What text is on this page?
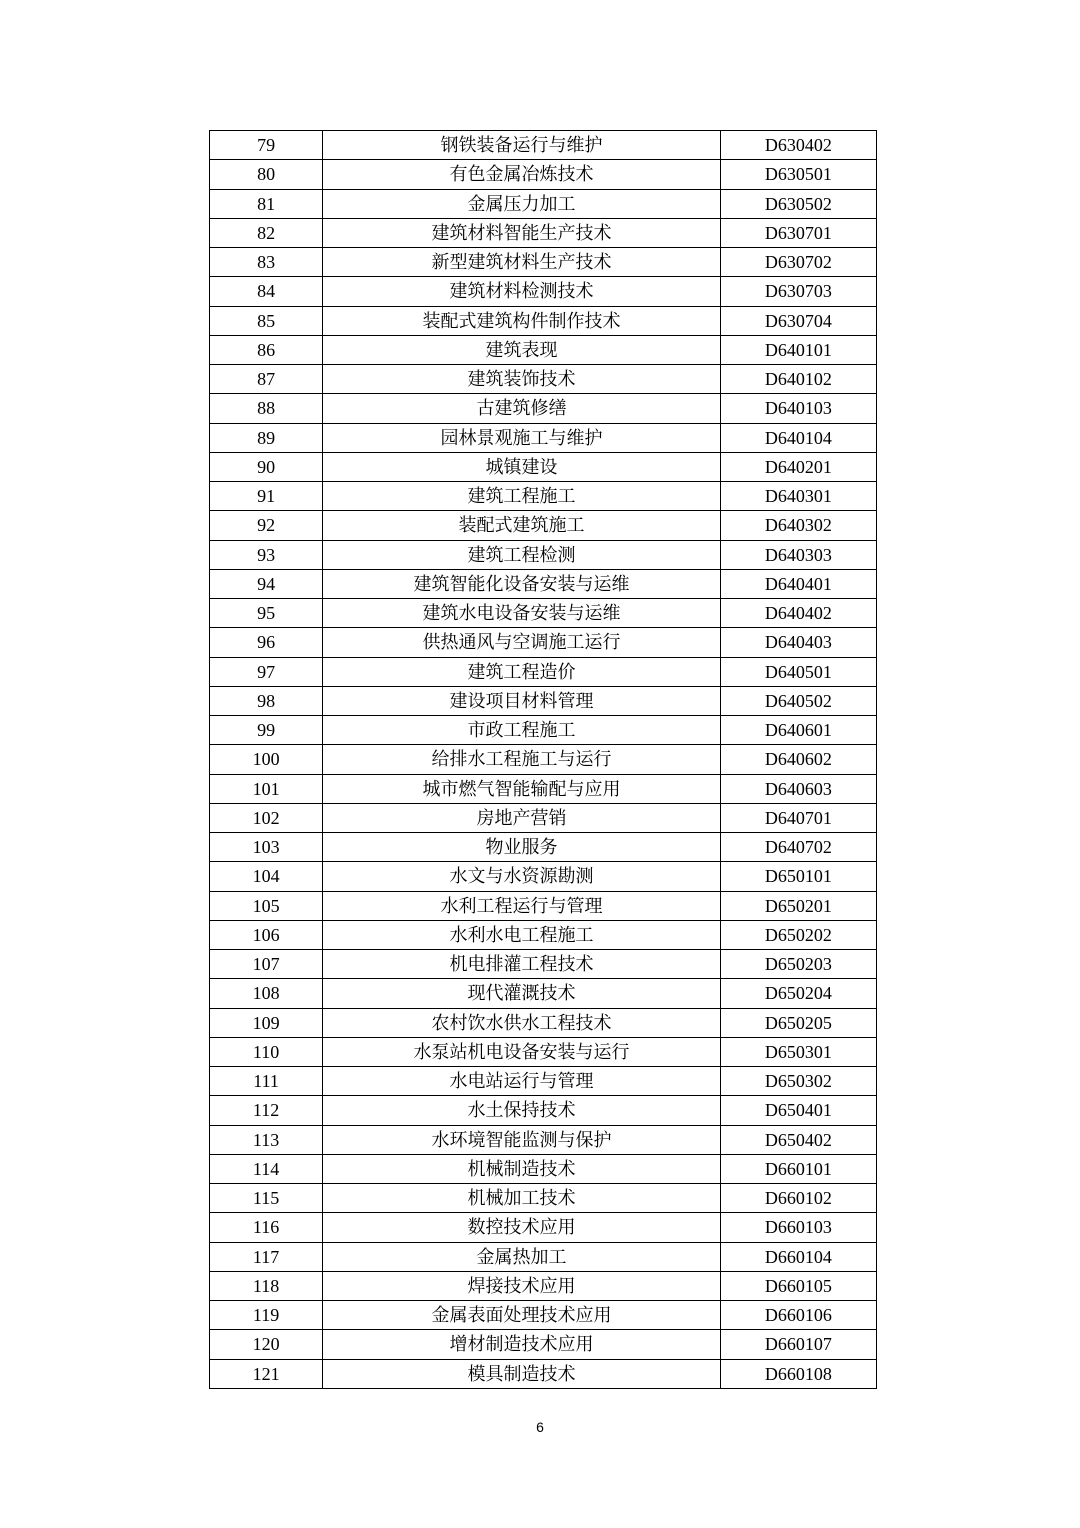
79	钢铁装备运行与维护	D630402
80	有色金属冶炼技术	D630501
81	金属压力加工	D630502
82	建筑材料智能生产技术	D630701
83	新型建筑材料生产技术	D630702
84	建筑材料检测技术	D630703
85	装配式建筑构件制作技术	D630704
86	建筑表现	D640101
87	建筑装饰技术	D640102
88	古建筑修缮	D640103
89	园林景观施工与维护	D640104
90	城镇建设	D640201
91	建筑工程施工	D640301
92	装配式建筑施工	D640302
93	建筑工程检测	D640303
94	建筑智能化设备安装与运维	D640401
95	建筑水电设备安装与运维	D640402
96	供热通风与空调施工运行	D640403
97	建筑工程造价	D640501
98	建设项目材料管理	D640502
99	市政工程施工	D640601
100	给排水工程施工与运行	D640602
101	城市燃气智能输配与应用	D640603
102	房地产营销	D640701
103	物业服务	D640702
104	水文与水资源勘测	D650101
105	水利工程运行与管理	D650201
106	水利水电工程施工	D650202
107	机电排灌工程技术	D650203
108	现代灌溉技术	D650204
109	农村饮水供水工程技术	D650205
110	水泵站机电设备安装与运行	D650301
111	水电站运行与管理	D650302
112	水土保持技术	D650401
113	水环境智能监测与保护	D650402
114	机械制造技术	D660101
115	机械加工技术	D660102
116	数控技术应用	D660103
117	金属热加工	D660104
118	焊接技术应用	D660105
119	金属表面处理技术应用	D660106
120	增材制造技术应用	D660107
121	模具制造技术	D660108
6
